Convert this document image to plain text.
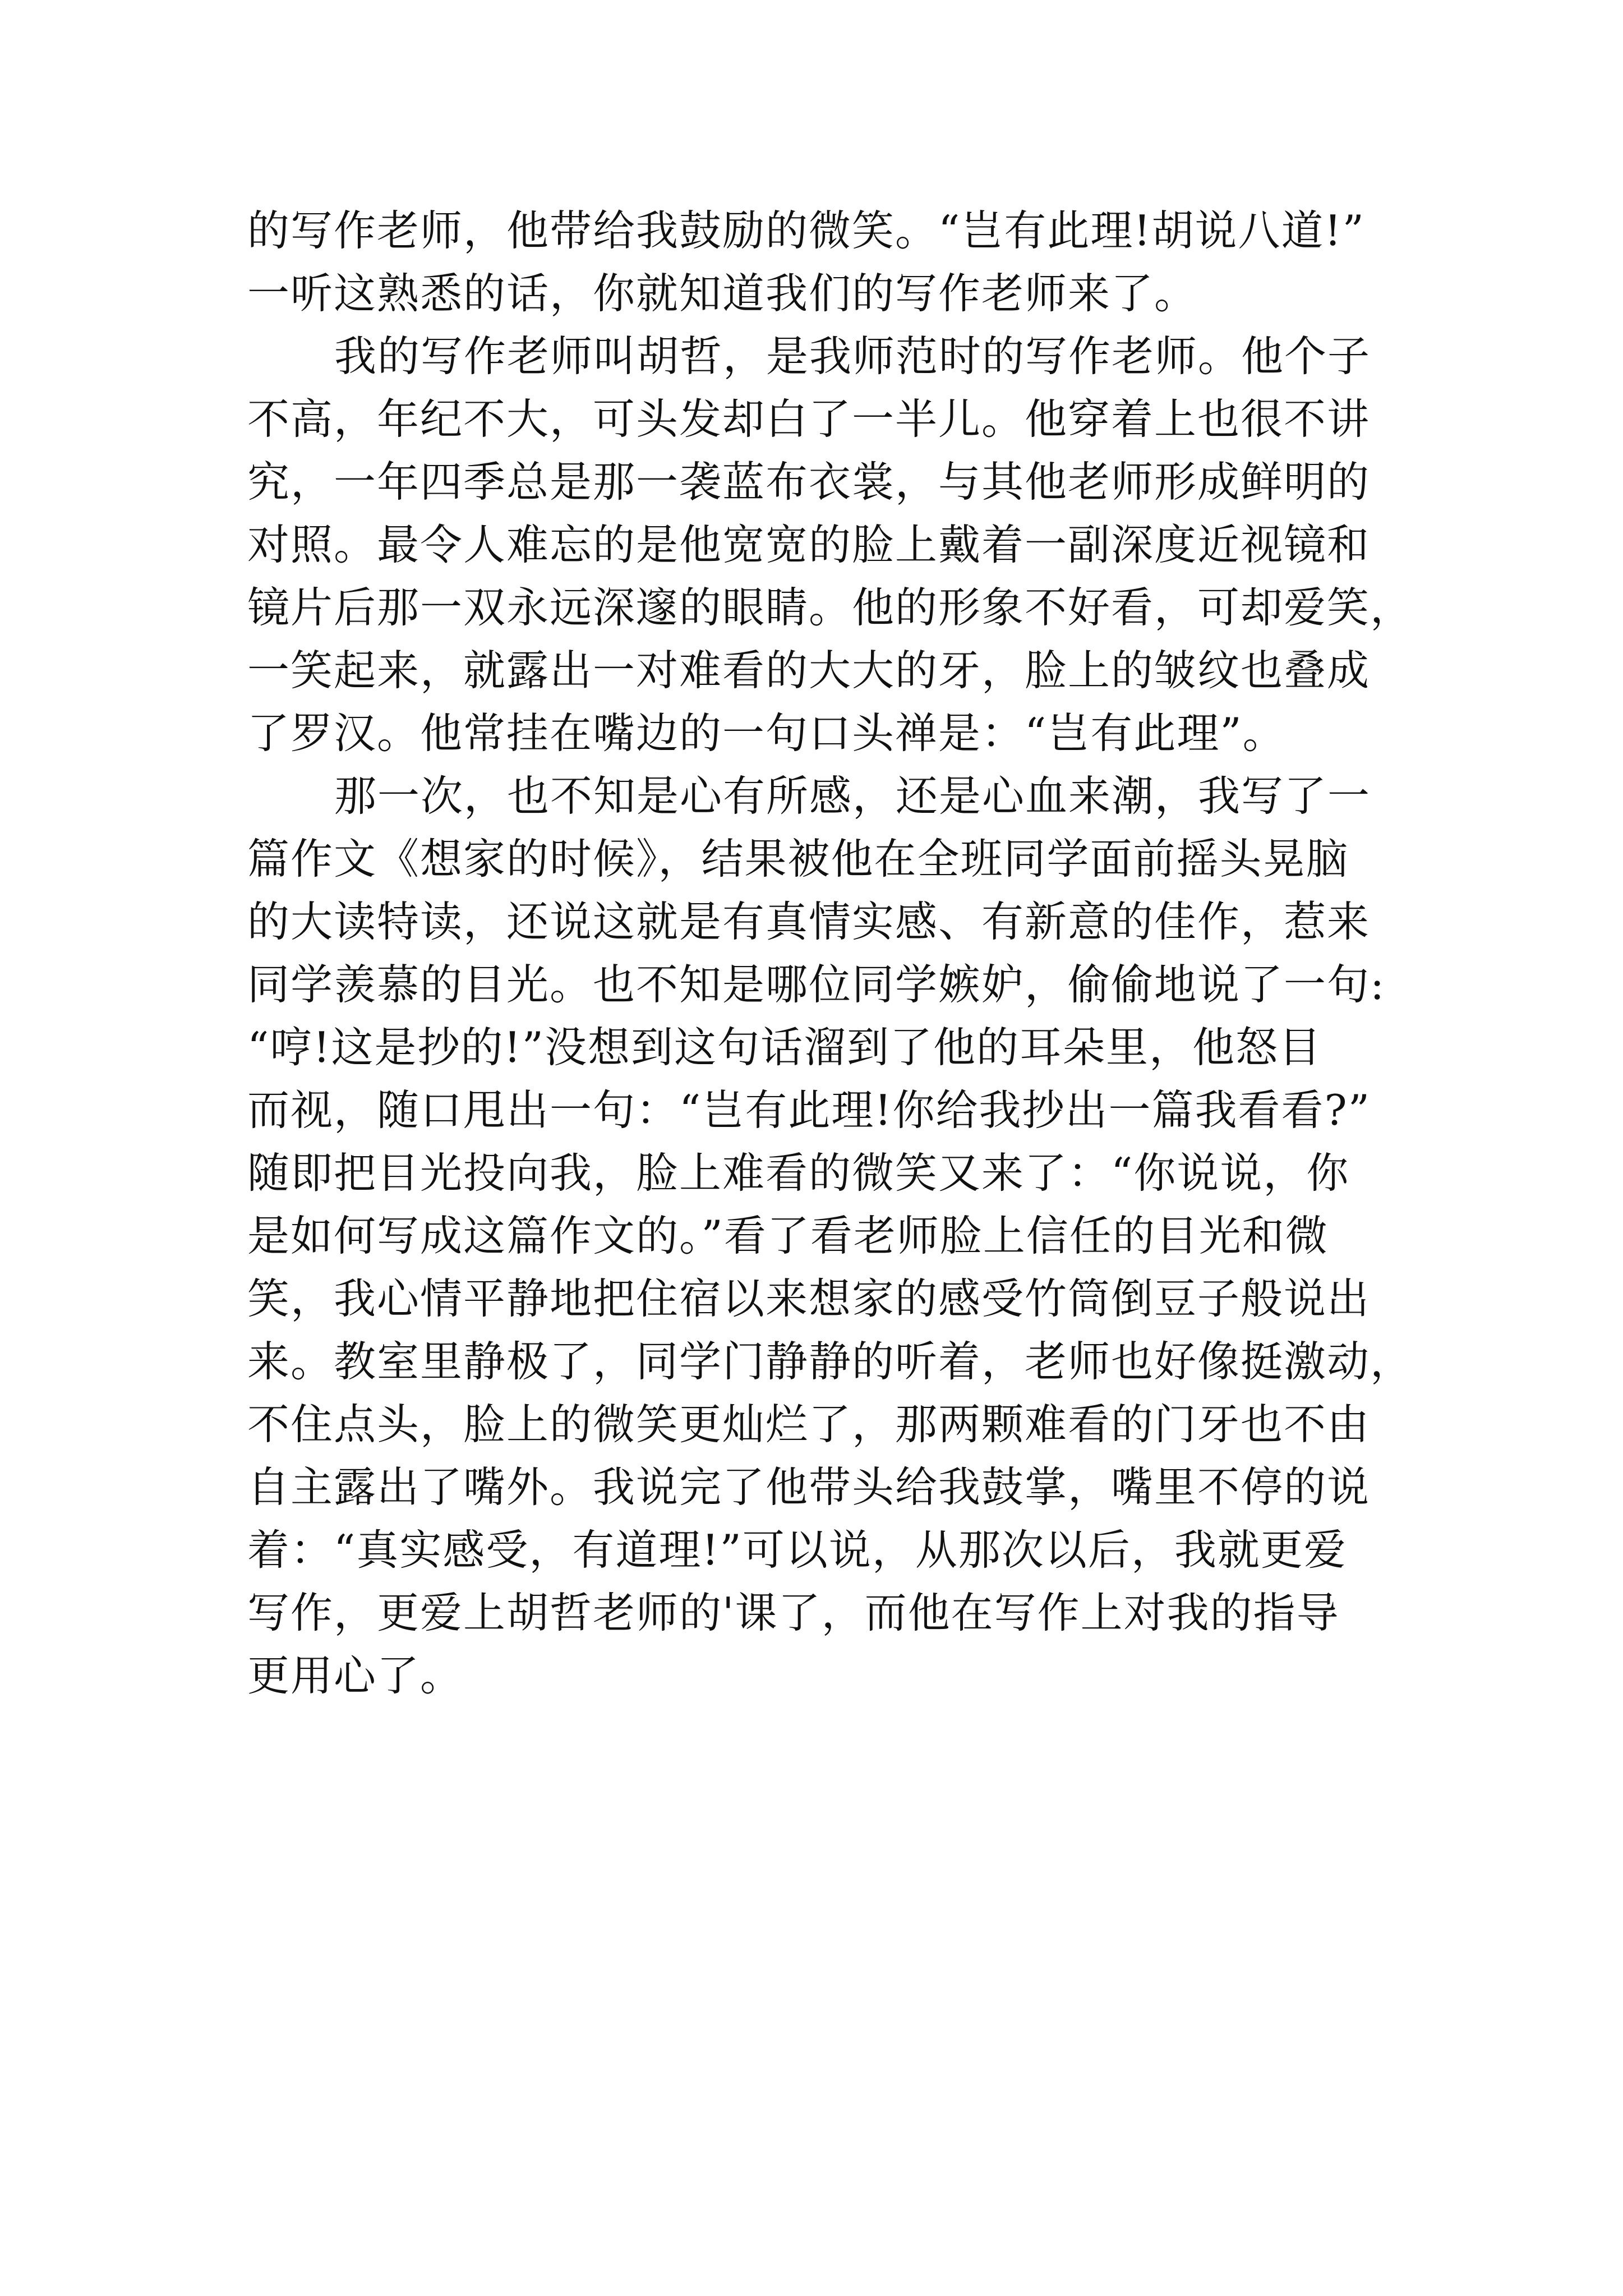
的写作老师，他带给我鼓励的微笑。“岂有此理!胡说八道!”
一听这熟悉的话，你就知道我们的写作老师来了。
我的写作老师叫胡哲，是我师范时的写作老师。他个子
不高，年纪不大，可头发却白了一半儿。他穿着上也很不讲
究，一年四季总是那一袭蓝布衣裳，与其他老师形成鲜明的
对照。最令人难忘的是他宽宽的脸上戴着一副深度近视镜和
镜片后那一双永远深邃的眼睛。他的形象不好看，可却爱笑，
一笑起来，就露出一对难看的大大的牙，脸上的皱纹也叠成
了罗汉。他常挂在嘴边的一句口头禅是：“岂有此理”。
那一次，也不知是心有所感，还是心血来潮，我写了一
篇作文《想家的时候》，结果被他在全班同学面前摇头晃脑
的大读特读，还说这就是有真情实感、有新意的佳作，惹来
同学羡慕的目光。也不知是哪位同学嫉妒，偷偷地说了一句:
“哼!这是抄的!”没想到这句话溜到了他的耳朵里，他怒目
而视，随口甩出一句：“岂有此理!你给我抄出一篇我看看?”
随即把目光投向我，脸上难看的微笑又来了：“你说说，你
是如何写成这篇作文的。”看了看老师脸上信任的目光和微
笑，我心情平静地把住宿以来想家的感受竹筒倒豆子般说出
来。教室里静极了，同学门静静的听着，老师也好像挺激动，
不住点头，脸上的微笑更灿烂了，那两颗难看的门牙也不由
自主露出了嘴外。我说完了他带头给我鼓掌，嘴里不停的说
着：“真实感受，有道理!”可以说，从那次以后，我就更爱
写作，更爱上胡哲老师的'课了，而他在写作上对我的指导
更用心了。
